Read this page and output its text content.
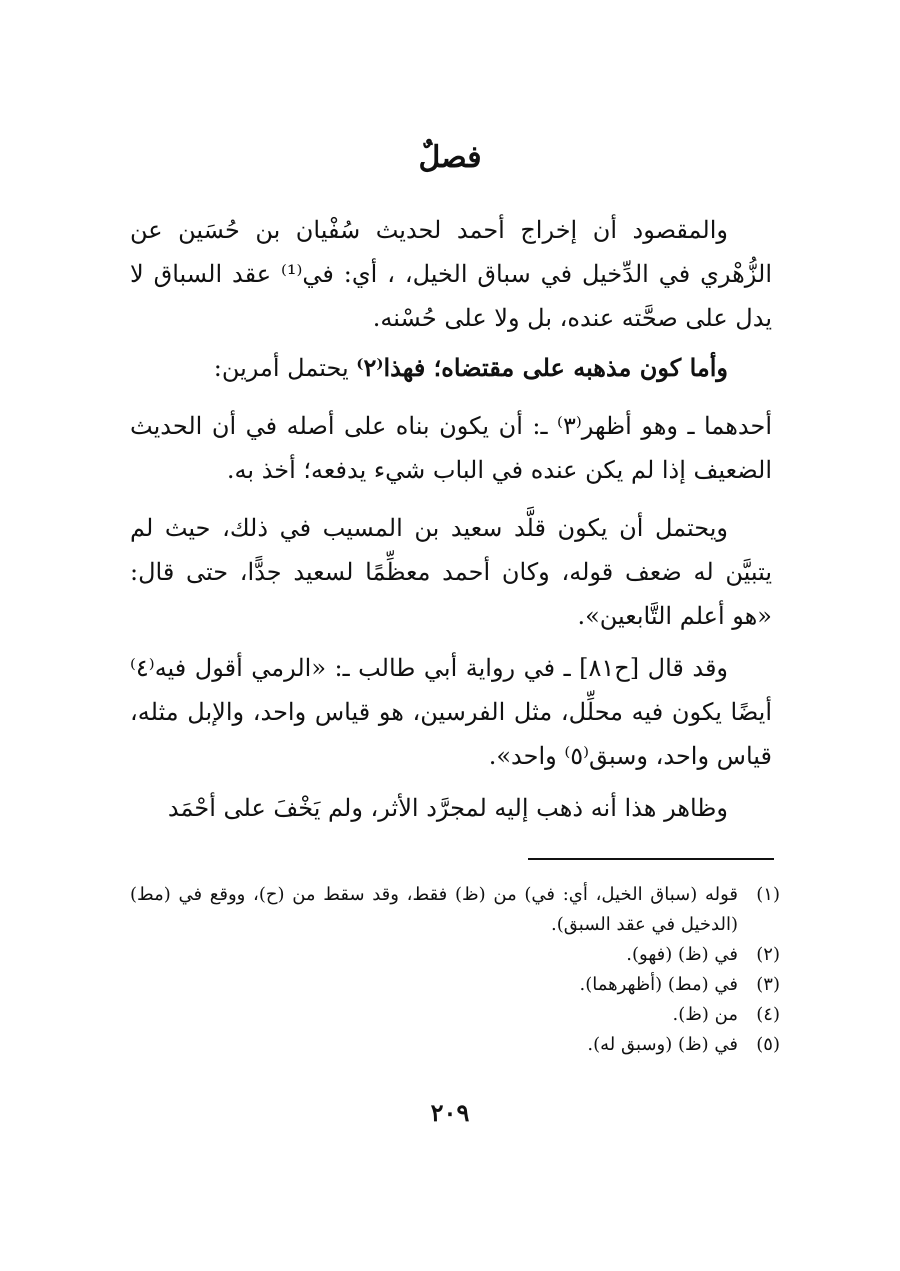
فصلٌ

والمقصود أن إخراج أحمد لحديث سُفْيان بن حُسَين عن الزُّهْري في الدِّخيل في سباق الخيل، ، أي: في⁽¹⁾ عقد السباق لا يدل على صحَّته عنده، بل ولا على حُسْنه.

وأما كون مذهبه على مقتضاه؛ فهذا⁽٢⁾ يحتمل أمرين:

أحدهما ـ وهو أظهر⁽٣⁾ ـ: أن يكون بناه على أصله في أن الحديث الضعيف إذا لم يكن عنده في الباب شيء يدفعه؛ أخذ به.

ويحتمل أن يكون قلَّد سعيد بن المسيب في ذلك، حيث لم يتبيَّن له ضعف قوله، وكان أحمد معظِّمًا لسعيد جدًّا، حتى قال: «هو أعلم التَّابعين».

وقد قال [ح٨١] ـ في رواية أبي طالب ـ: «الرمي أقول فيه⁽٤⁾ أيضًا يكون فيه محلِّل، مثل الفرسين، هو قياس واحد، والإبل مثله، قياس واحد، وسبق⁽٥⁾ واحد».

وظاهر هذا أنه ذهب إليه لمجرَّد الأثر، ولم يَخْفَ على أحْمَد

(١)
قوله (سباق الخيل، أي: في) من (ظ) فقط، وقد سقط من (ح)، ووقع في (مط) (الدخيل في عقد السبق).
(٢)
في (ظ) (فهو).
(٣)
في (مط) (أظهرهما).
(٤)
من (ظ).
(٥)
في (ظ) (وسبق له).
٢٠٩
